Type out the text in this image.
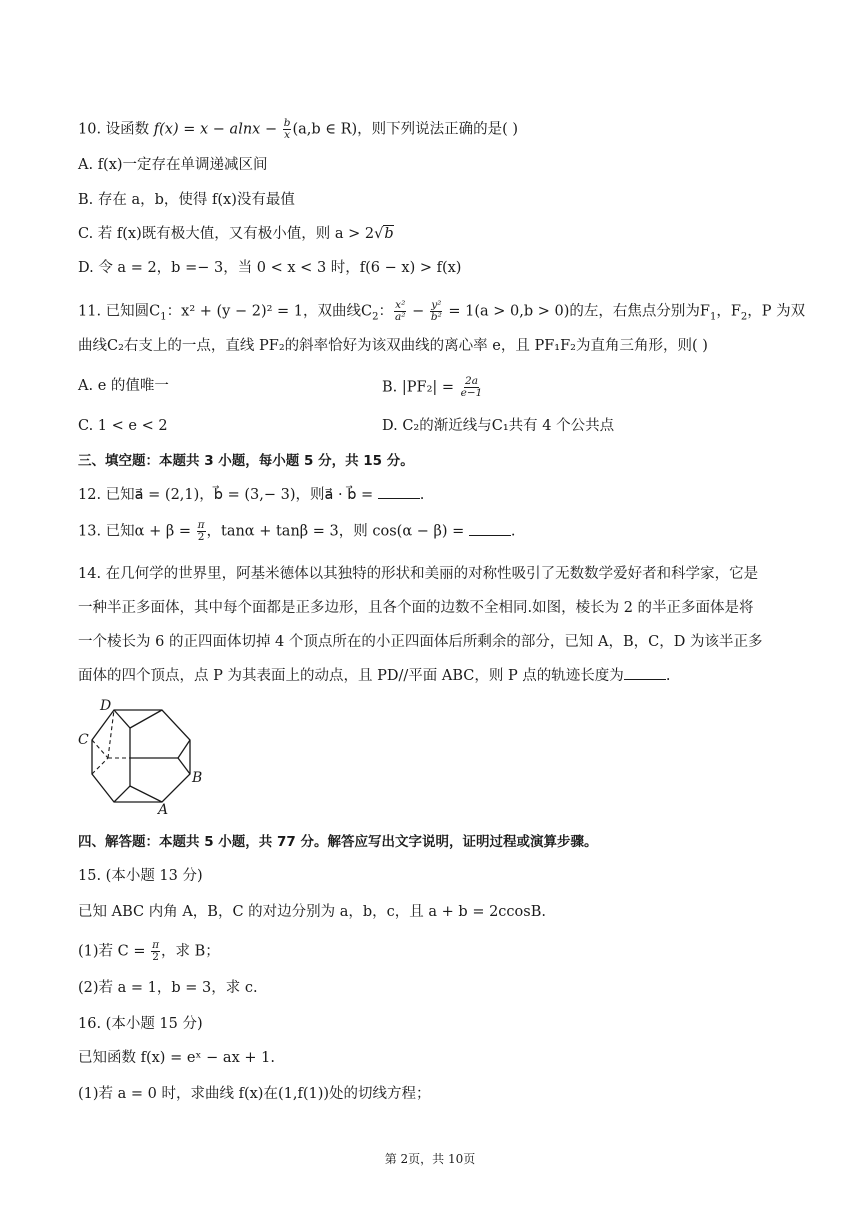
10. 设函数 $f(x) = x - alnx - \frac{b}{x} (a,b$ ∈ R)，则下列说法正确的是( )
A. f(x)一定存在单调递减区间
B. 存在 a，b，使得 f(x)没有最值
C. 若 f(x)既有极大值，又有极小值，则 a > 2√b
D. 令 a = 2，b =− 3，当 0 < x < 3 时，f(6 − x) > f(x)
11. 已知圆$C_1$：x² + (y − 2)² = 1，双曲线$C_2$： $\frac{\text{x²}}{\text{a²}} - \frac{\text{y²}}{\text{b²}} = 1(a > 0,b > 0)$的左，右焦点分别为$F_1$，$F_2$，P 为双
曲线C₂右支上的一点，直线 PF₂的斜率恰好为该双曲线的离心率 e，且 PF₁F₂为直角三角形，则( )
A. e 的值唯一	B. $|PF_2| = \frac{2a}{e-1}$
C. 1 < e < 2	D. C₂的渐近线与C₁共有 4 个公共点
三、填空题：本题共 3 小题，每小题 5 分，共 15 分。
12. 已知a⃗ = (2,1)，b⃗ = (3,− 3)，则a⃗ · b⃗ =	.
13. 已知$\alpha + \beta = \frac{\pi}{2}$ ，tanα + tanβ = 3，则 cos(α − β) =	.
14. 在几何学的世界里，阿基米德体以其独特的形状和美丽的对称性吸引了无数数学爱好者和科学家，它是
一种半正多面体，其中每个面都是正多边形，且各个面的边数不全相同.如图，棱长为 2 的半正多面体是将
一个棱长为 6 的正四面体切掉 4 个顶点所在的小正四面体后所剩余的部分，已知 A，B，C，D 为该半正多
面体的四个顶点，点 P 为其表面上的动点，且 PD//平面 ABC，则 P 点的轨迹长度为	.
D
C
B
A
四、解答题：本题共 5 小题，共 77 分。解答应写出文字说明，证明过程或演算步骤。
15. (本小题 13 分)
已知 ABC 内角 A，B，C 的对边分别为 a，b，c，且 a + b = 2ccosB.
(1)若 $C = \frac{\pi}{2}$ ，求 B；
(2)若 a = 1，b = 3，求 c.
16. (本小题 15 分)
已知函数 f(x) = eˣ − ax + 1.
(1)若 a = 0 时，求曲线 f(x)在(1,f(1))处的切线方程；
第 2页，共 10页
